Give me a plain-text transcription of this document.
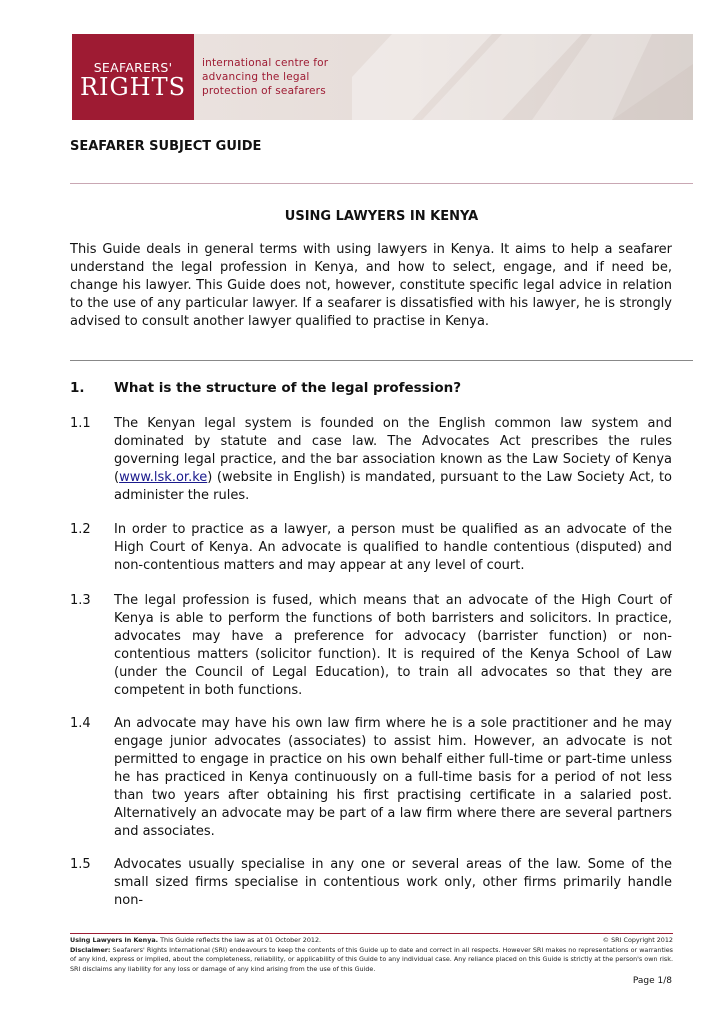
SEAFARERS'
RIGHTS
international centre for
advancing the legal
protection of seafarers
SEAFARER SUBJECT GUIDE
USING LAWYERS IN KENYA
This Guide deals in general terms with using lawyers in Kenya. It aims to help a seafarer understand the legal profession in Kenya, and how to select, engage, and if need be, change his lawyer. This Guide does not, however, constitute specific legal advice in relation to the use of any particular lawyer. If a seafarer is dissatisfied with his lawyer, he is strongly advised to consult another lawyer qualified to practise in Kenya.
1. What is the structure of the legal profession?
1.1 The Kenyan legal system is founded on the English common law system and dominated by statute and case law. The Advocates Act prescribes the rules governing legal practice, and the bar association known as the Law Society of Kenya (www.lsk.or.ke) (website in English) is mandated, pursuant to the Law Society Act, to administer the rules.
1.2 In order to practice as a lawyer, a person must be qualified as an advocate of the High Court of Kenya. An advocate is qualified to handle contentious (disputed) and non-contentious matters and may appear at any level of court.
1.3 The legal profession is fused, which means that an advocate of the High Court of Kenya is able to perform the functions of both barristers and solicitors. In practice, advocates may have a preference for advocacy (barrister function) or non-contentious matters (solicitor function). It is required of the Kenya School of Law (under the Council of Legal Education), to train all advocates so that they are competent in both functions.
1.4 An advocate may have his own law firm where he is a sole practitioner and he may engage junior advocates (associates) to assist him. However, an advocate is not permitted to engage in practice on his own behalf either full-time or part-time unless he has practiced in Kenya continuously on a full-time basis for a period of not less than two years after obtaining his first practising certificate in a salaried post. Alternatively an advocate may be part of a law firm where there are several partners and associates.
1.5 Advocates usually specialise in any one or several areas of the law. Some of the small sized firms specialise in contentious work only, other firms primarily handle non-
© SRI Copyright 2012
Using Lawyers in Kenya. This Guide reflects the law as at 01 October 2012.
Disclaimer: Seafarers' Rights International (SRI) endeavours to keep the contents of this Guide up to date and correct in all respects. However SRI makes no representations or warranties of any kind, express or implied, about the completeness, reliability, or applicability of this Guide to any individual case. Any reliance placed on this Guide is strictly at the person's own risk. SRI disclaims any liability for any loss or damage of any kind arising from the use of this Guide.
Page 1/8
